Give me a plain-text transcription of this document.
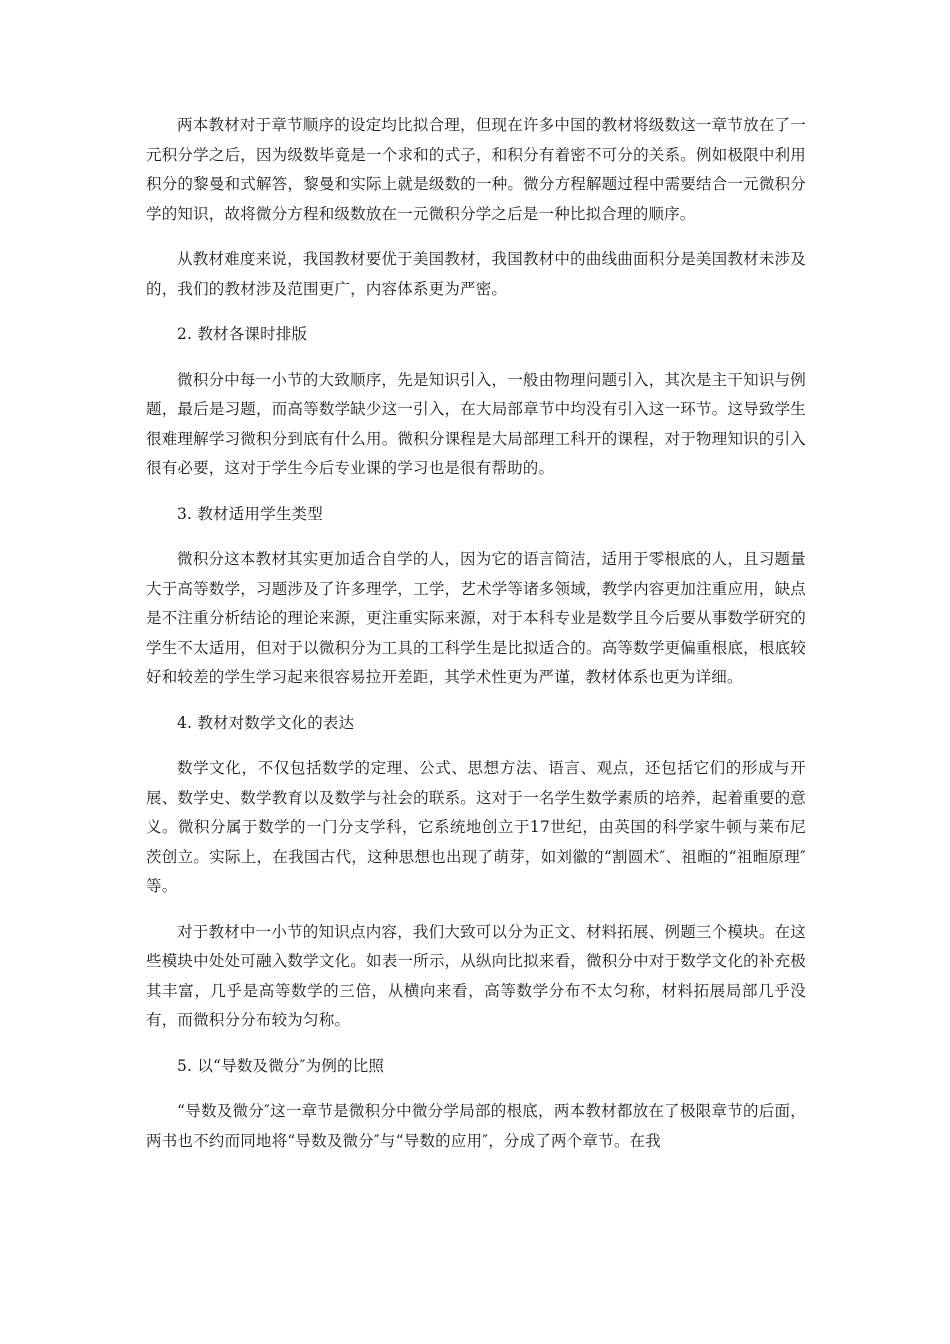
两本教材对于章节顺序的设定均比拟合理，但现在许多中国的教材将级数这一章节放在了一元积分学之后，因为级数毕竟是一个求和的式子，和积分有着密不可分的关系。例如极限中利用积分的黎曼和式解答，黎曼和实际上就是级数的一种。微分方程解题过程中需要结合一元微积分学的知识，故将微分方程和级数放在一元微积分学之后是一种比拟合理的顺序。

从教材难度来说，我国教材要优于美国教材，我国教材中的曲线曲面积分是美国教材未涉及的，我们的教材涉及范围更广，内容体系更为严密。

2. 教材各课时排版

微积分中每一小节的大致顺序，先是知识引入，一般由物理问题引入，其次是主干知识与例题，最后是习题，而高等数学缺少这一引入，在大局部章节中均没有引入这一环节。这导致学生很难理解学习微积分到底有什么用。微积分课程是大局部理工科开的课程，对于物理知识的引入很有必要，这对于学生今后专业课的学习也是很有帮助的。

3. 教材适用学生类型

微积分这本教材其实更加适合自学的人，因为它的语言简洁，适用于零根底的人，且习题量大于高等数学，习题涉及了许多理学，工学，艺术学等诸多领域，教学内容更加注重应用，缺点是不注重分析结论的理论来源，更注重实际来源，对于本科专业是数学且今后要从事数学研究的学生不太适用，但对于以微积分为工具的工科学生是比拟适合的。高等数学更偏重根底，根底较好和较差的学生学习起来很容易拉开差距，其学术性更为严谨，教材体系也更为详细。

4. 教材对数学文化的表达

数学文化，不仅包括数学的定理、公式、思想方法、语言、观点，还包括它们的形成与开展、数学史、数学教育以及数学与社会的联系。这对于一名学生数学素质的培养，起着重要的意义。微积分属于数学的一门分支学科，它系统地创立于17世纪，由英国的科学家牛顿与莱布尼茨创立。实际上，在我国古代，这种思想也出现了萌芽，如刘徽的“割圆术″、祖暅的“祖暅原理″等。

对于教材中一小节的知识点内容，我们大致可以分为正文、材料拓展、例题三个模块。在这些模块中处处可融入数学文化。如表一所示，从纵向比拟来看，微积分中对于数学文化的补充极其丰富，几乎是高等数学的三倍，从横向来看，高等数学分布不太匀称，材料拓展局部几乎没有，而微积分分布较为匀称。

5. 以“导数及微分″为例的比照

“导数及微分″这一章节是微积分中微分学局部的根底，两本教材都放在了极限章节的后面，两书也不约而同地将“导数及微分″与“导数的应用″，分成了两个章节。在我
